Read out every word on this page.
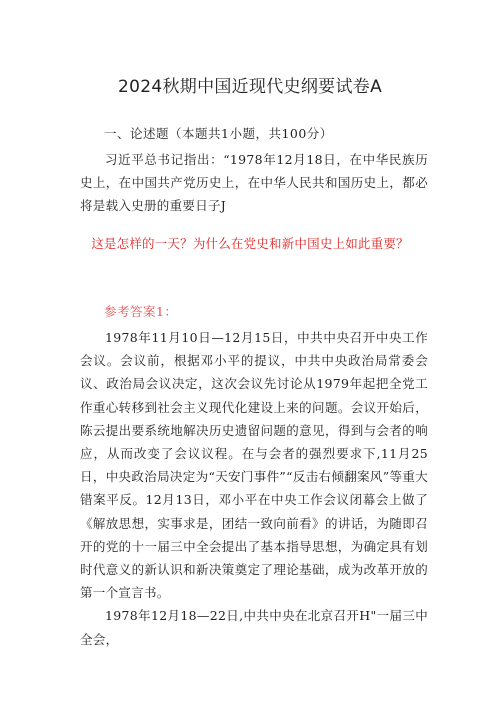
2024秋期中国近现代史纲要试卷A
一、论述题（本题共1小题，共100分）
习近平总书记指出：“1978年12月18日，在中华民族历史上，在中国共产党历史上，在中华人民共和国历史上，都必将是载入史册的重要日子J
这是怎样的一天？为什么在党史和新中国史上如此重要？
参考答案1：

1978年11月10日—12月15日，中共中央召开中央工作会议。会议前，根据邓小平的提议，中共中央政治局常委会议、政治局会议决定，这次会议先讨论从1979年起把全党工作重心转移到社会主义现代化建设上来的问题。会议开始后，陈云提出要系统地解决历史遗留问题的意见，得到与会者的响应，从而改变了会议议程。在与会者的强烈要求下,11月25日，中央政治局决定为“天安门事件”“反击右倾翻案风”等重大错案平反。12月13日，邓小平在中央工作会议闭幕会上做了《解放思想，实事求是，团结一致向前看》的讲话，为随即召开的党的十一届三中全会提出了基本指导思想，为确定具有划时代意义的新认识和新决策奠定了理论基础，成为改革开放的第一个宣言书。

1978年12月18—22日,中共中央在北京召开H"一届三中全会，
